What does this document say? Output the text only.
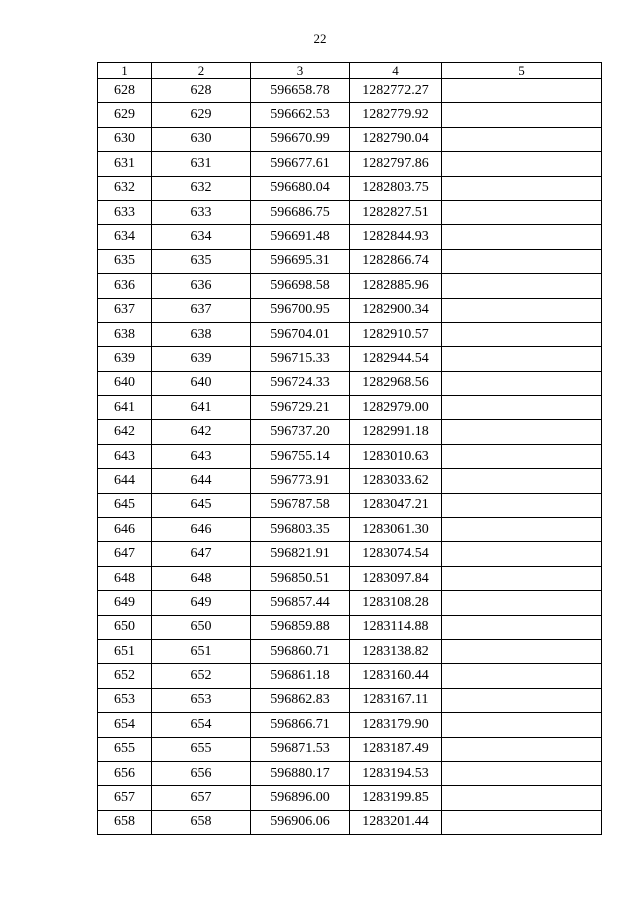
22
1	2	3	4	5
628	628	596658.78	1282772.27	
629	629	596662.53	1282779.92	
630	630	596670.99	1282790.04	
631	631	596677.61	1282797.86	
632	632	596680.04	1282803.75	
633	633	596686.75	1282827.51	
634	634	596691.48	1282844.93	
635	635	596695.31	1282866.74	
636	636	596698.58	1282885.96	
637	637	596700.95	1282900.34	
638	638	596704.01	1282910.57	
639	639	596715.33	1282944.54	
640	640	596724.33	1282968.56	
641	641	596729.21	1282979.00	
642	642	596737.20	1282991.18	
643	643	596755.14	1283010.63	
644	644	596773.91	1283033.62	
645	645	596787.58	1283047.21	
646	646	596803.35	1283061.30	
647	647	596821.91	1283074.54	
648	648	596850.51	1283097.84	
649	649	596857.44	1283108.28	
650	650	596859.88	1283114.88	
651	651	596860.71	1283138.82	
652	652	596861.18	1283160.44	
653	653	596862.83	1283167.11	
654	654	596866.71	1283179.90	
655	655	596871.53	1283187.49	
656	656	596880.17	1283194.53	
657	657	596896.00	1283199.85	
658	658	596906.06	1283201.44	
